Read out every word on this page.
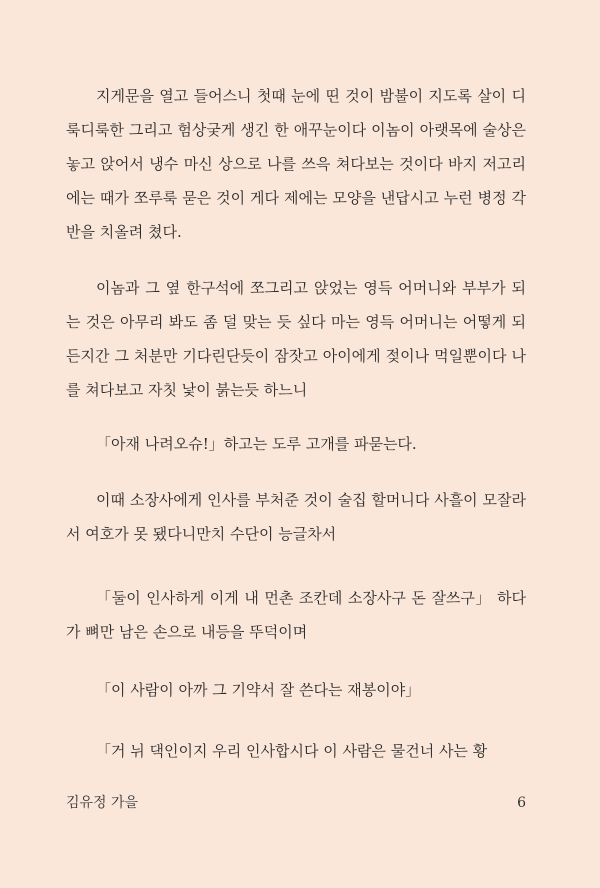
지게문을 열고 들어스니 첫때 눈에 띤 것이 밤불이 지도록 살이 디룩디룩한 그리고 험상궂게 생긴 한 애꾸눈이다 이놈이 아랫목에 술상은 놓고 앉어서 냉수 마신 상으로 나를 쓰윽 쳐다보는 것이다 바지 저고리에는 때가 쪼루룩 묻은 것이 게다 제에는 모양을 낸답시고 누런 병정 각반을 치올려 쳤다.

이놈과 그 옆 한구석에 쪼그리고 앉었는 영득 어머니와 부부가 되는 것은 아무리 봐도 좀 덜 맞는 듯 싶다 마는 영득 어머니는 어떻게 되든지간 그 처분만 기다린단듯이 잠잣고 아이에게 젖이나 먹일뿐이다 나를 쳐다보고 자칫 낯이 붉는듯 하느니

「아재 나려오슈!」하고는 도루 고개를 파묻는다.

이때 소장사에게 인사를 부처준 것이 술집 할머니다 사흘이 모잘라서 여호가 못 됐다니만치 수단이 능글차서

「둘이 인사하게 이게 내 먼촌 조칸데 소장사구 돈 잘쓰구」 하다가 뼈만 남은 손으로 내등을 뚜덕이며

「이 사람이 아까 그 기약서 잘 쓴다는 재봉이야」

「거 뉘 댁인이지 우리 인사합시다 이 사람은 물건너 사는 황

김유정 가을	6
